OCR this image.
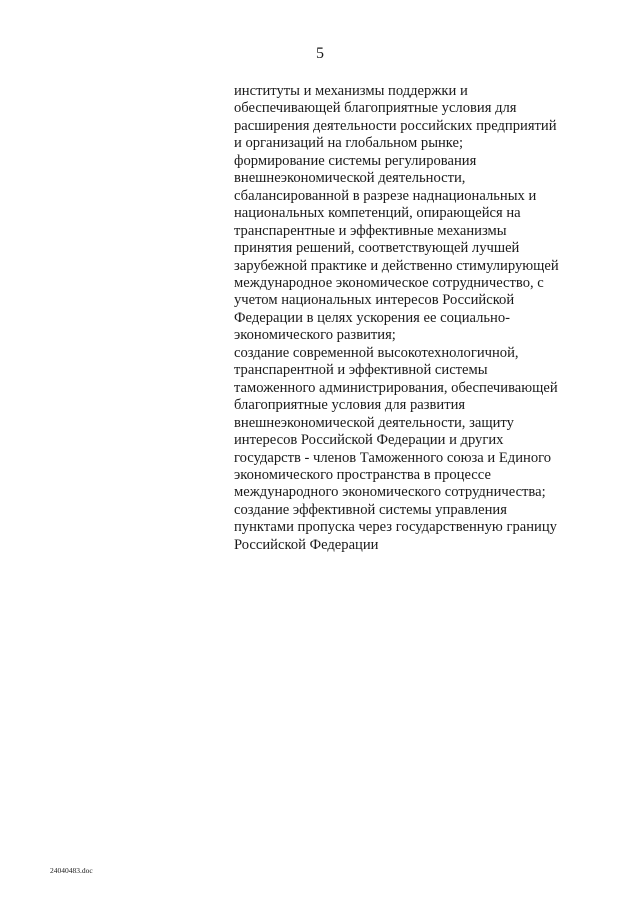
5
институты и механизмы поддержки и
обеспечивающей благоприятные условия для
расширения деятельности российских предприятий
и организаций на глобальном рынке;
формирование системы регулирования
внешнеэкономической деятельности,
сбалансированной в разрезе наднациональных и
национальных компетенций, опирающейся на
транспарентные и эффективные механизмы
принятия решений, соответствующей лучшей
зарубежной практике и действенно стимулирующей
международное экономическое сотрудничество, с
учетом национальных интересов Российской
Федерации в целях ускорения ее социально-
экономического развития;
создание современной высокотехнологичной,
транспарентной и эффективной системы
таможенного администрирования, обеспечивающей
благоприятные условия для развития
внешнеэкономической деятельности, защиту
интересов Российской Федерации и других
государств - членов Таможенного союза и Единого
экономического пространства в процессе
международного экономического сотрудничества;
создание эффективной системы управления
пунктами пропуска через государственную границу
Российской Федерации
24040483.doc
